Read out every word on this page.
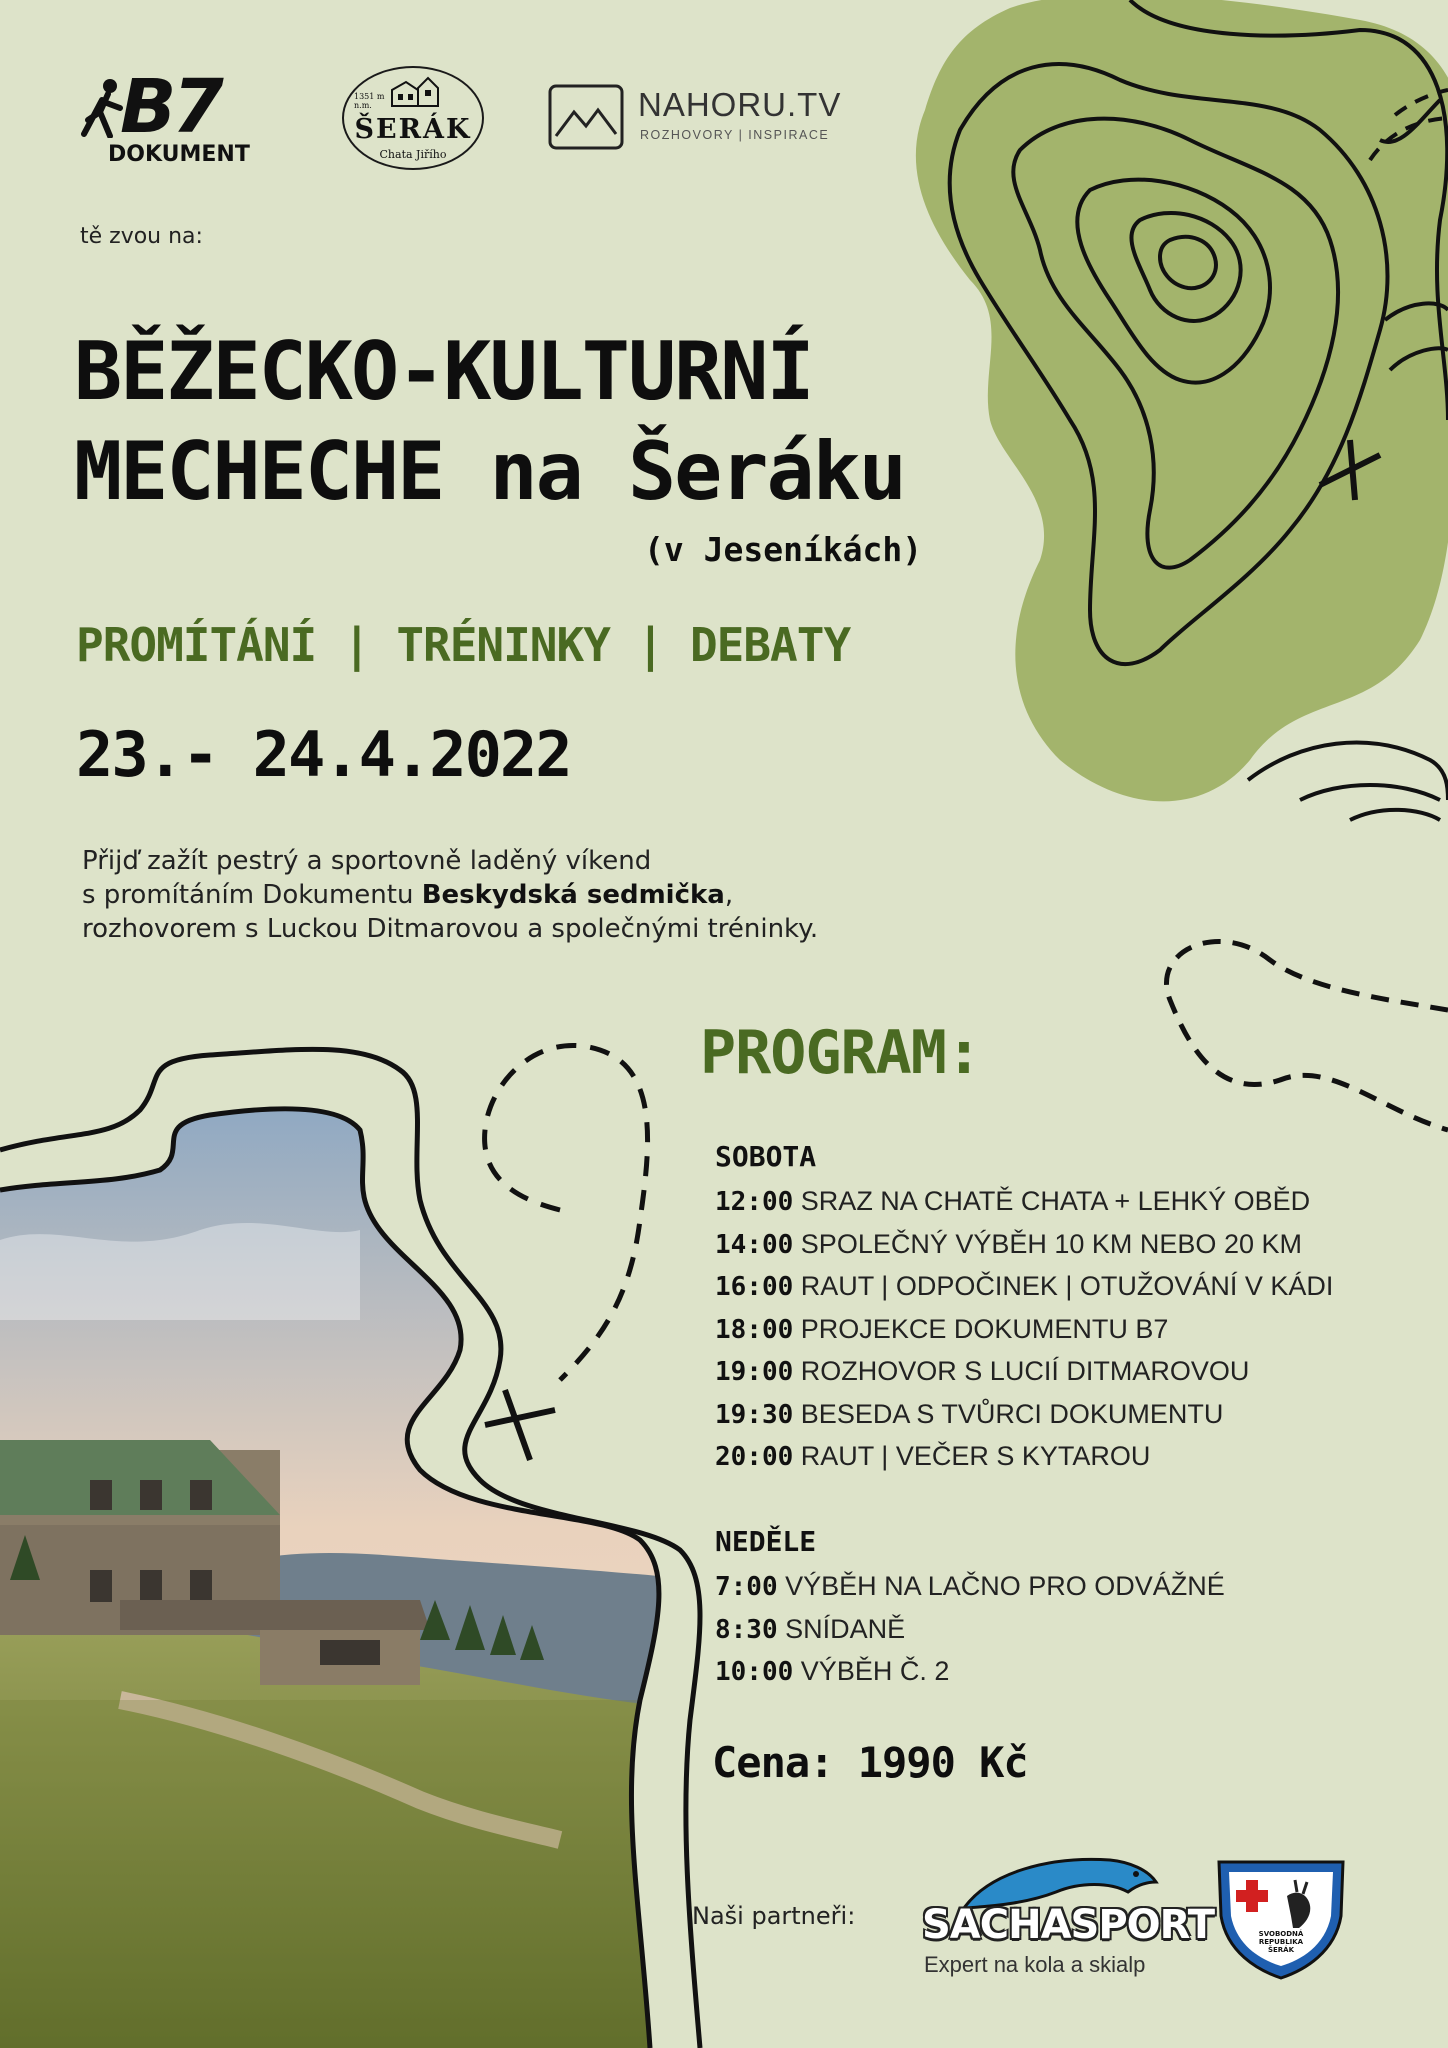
B7
DOKUMENT
1351 m n.m.
ŠERÁK
Chata Jiřího
NAHORU.TV
ROZHOVORY | INSPIRACE
tě zvou na:
BĚŽECKO-KULTURNÍ
MECHECHE na Šeráku
(v Jeseníkách)
PROMÍTÁNÍ | TRÉNINKY | DEBATY
23.- 24.4.2022
Přijď zažít pestrý a sportovně laděný víkend
s promítáním Dokumentu Beskydská sedmička,
rozhovorem s Luckou Ditmarovou a společnými tréninky.
PROGRAM:
SOBOTA
12:00 SRAZ NA CHATĚ CHATA + LEHKÝ OBĚD
14:00 SPOLEČNÝ VÝBĚH 10 KM NEBO 20 KM
16:00 RAUT | ODPOČINEK | OTUŽOVÁNÍ V KÁDI
18:00 PROJEKCE DOKUMENTU B7
19:00 ROZHOVOR S LUCIÍ DITMAROVOU
19:30 BESEDA S TVŮRCI DOKUMENTU
20:00 RAUT | VEČER S KYTAROU
NEDĚLE
7:00 VÝBĚH NA LAČNO PRO ODVÁŽNÉ
8:30 SNÍDANĚ
10:00 VÝBĚH Č. 2
Cena: 1990 Kč
Naši partneři: SACHASPORT
Expert na kola a skialp
SVOBODNÁ
REPUBLIKA
ŠERÁK
